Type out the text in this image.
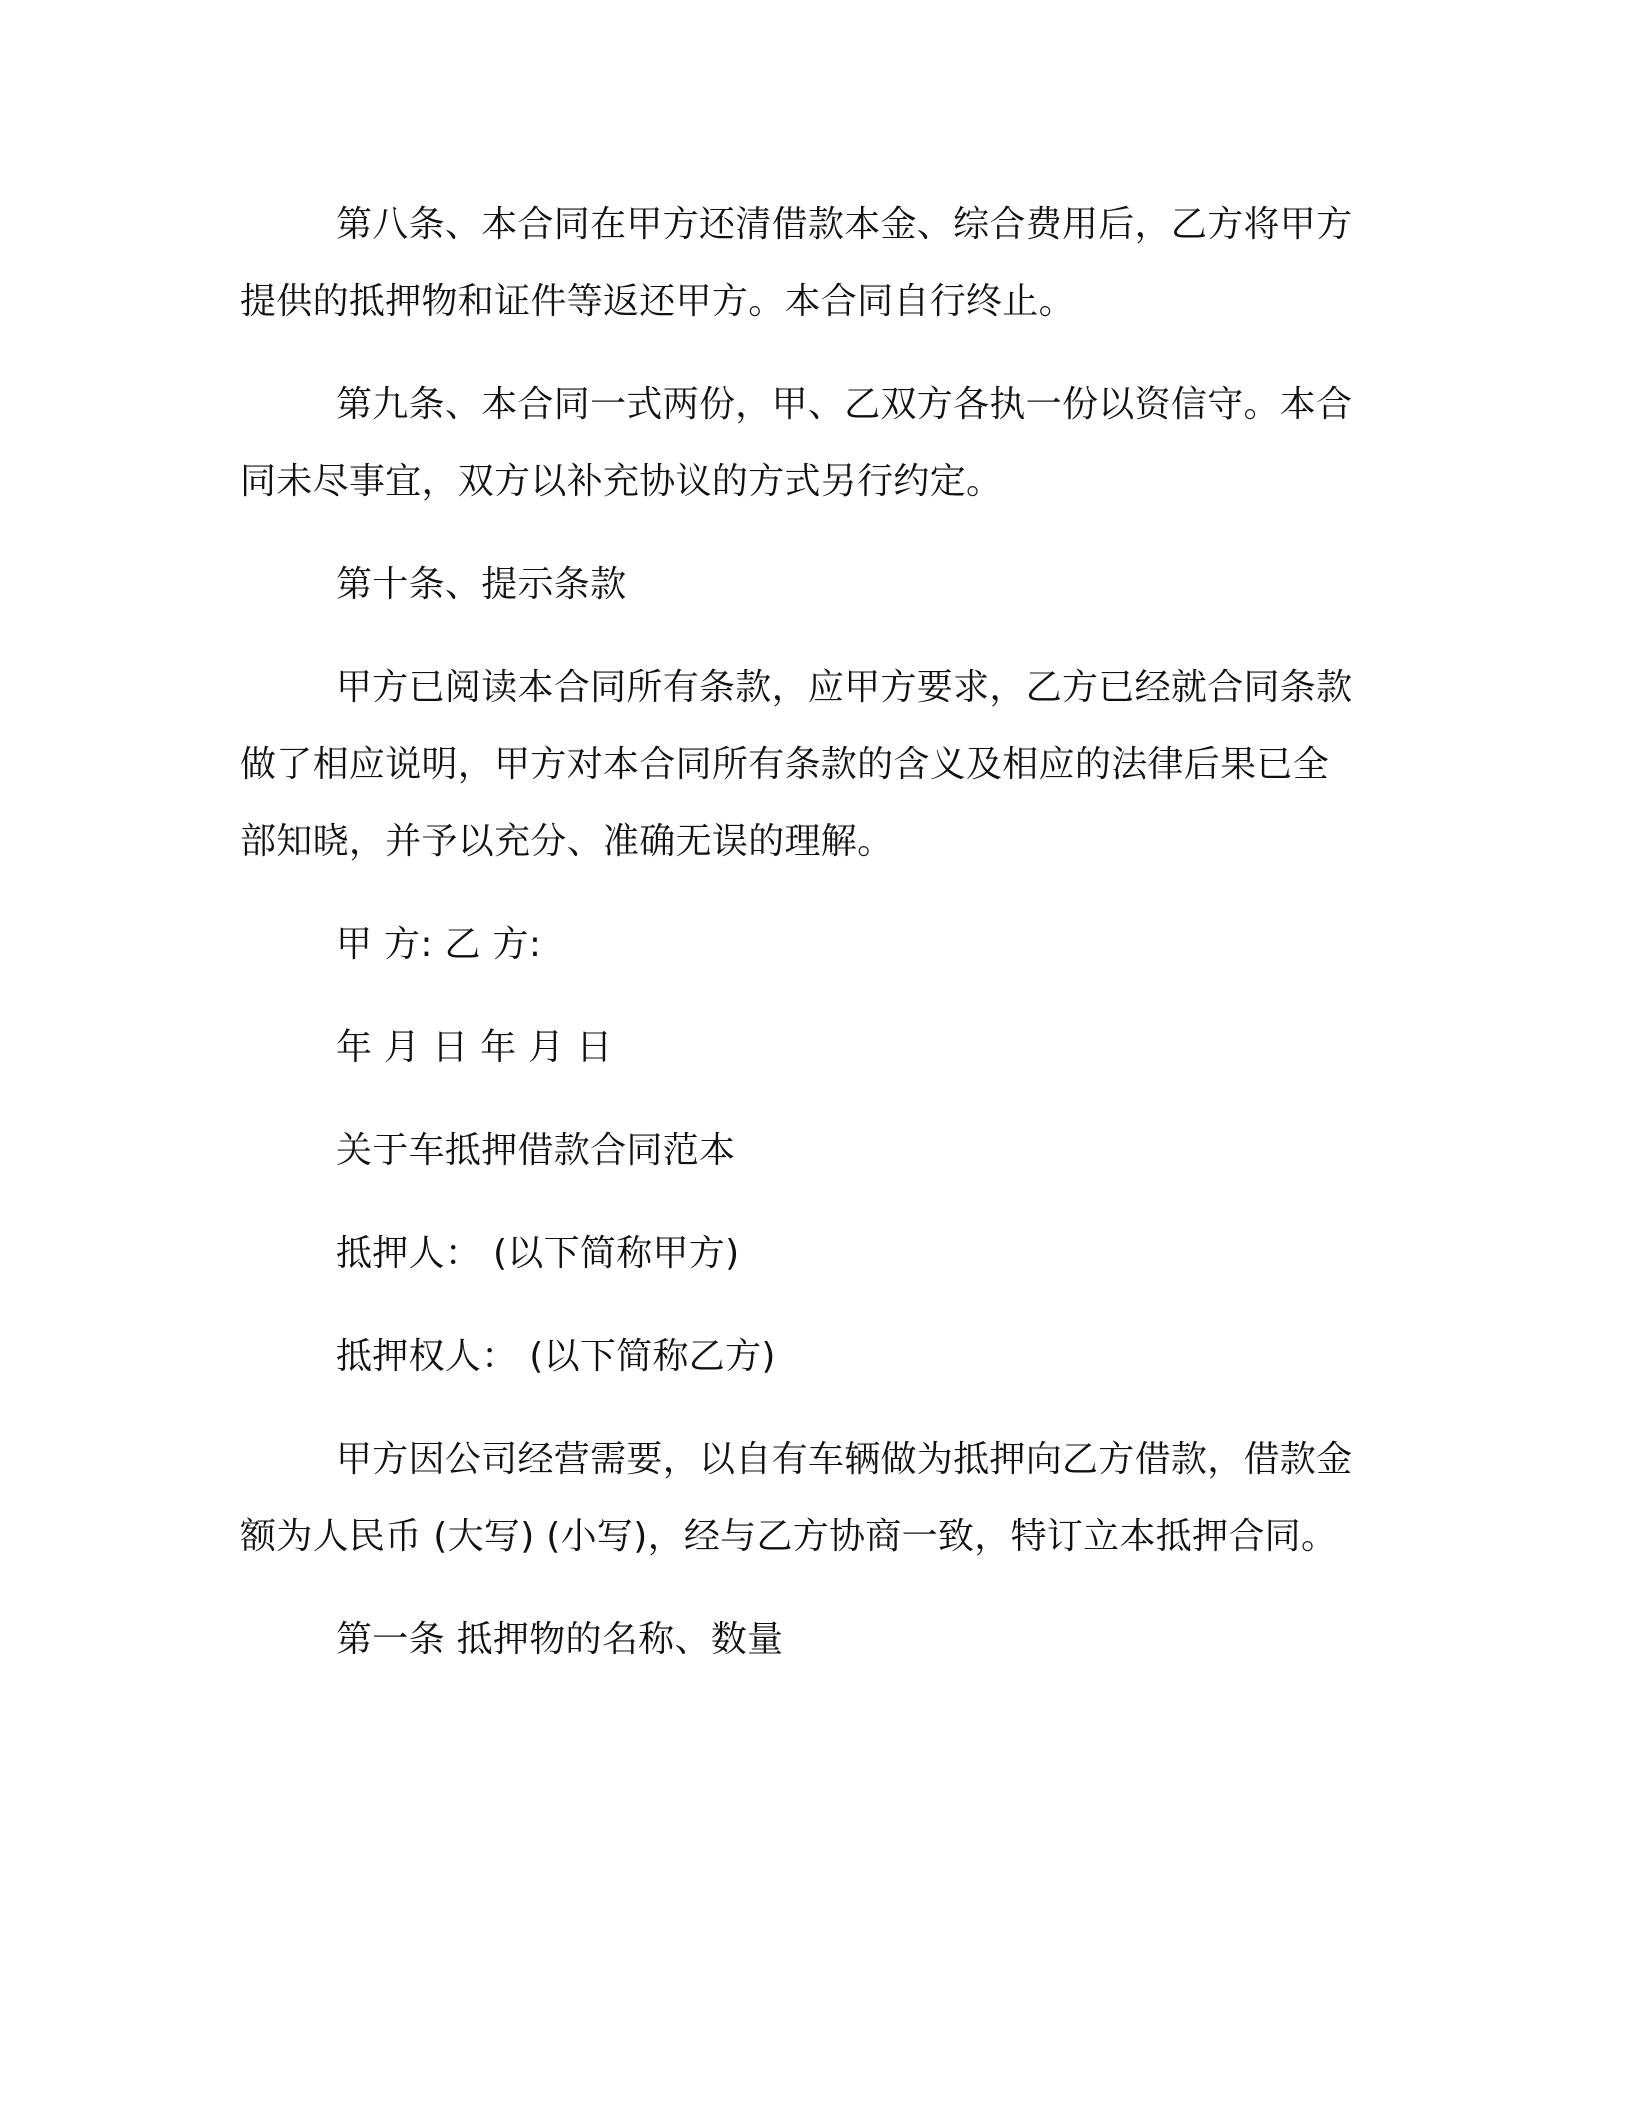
第八条、本合同在甲方还清借款本金、综合费用后，乙方将甲方
提供的抵押物和证件等返还甲方。本合同自行终止。

第九条、本合同一式两份，甲、乙双方各执一份以资信守。本合
同未尽事宜，双方以补充协议的方式另行约定。

第十条、提示条款

甲方已阅读本合同所有条款，应甲方要求，乙方已经就合同条款
做了相应说明，甲方对本合同所有条款的含义及相应的法律后果已全
部知晓，并予以充分、准确无误的理解。

甲 方: 乙 方:

年 月 日 年 月 日

关于车抵押借款合同范本

抵押人： (以下简称甲方)

抵押权人： (以下简称乙方)

甲方因公司经营需要，以自有车辆做为抵押向乙方借款，借款金
额为人民币 (大写) (小写)，经与乙方协商一致，特订立本抵押合同。

第一条 抵押物的名称、数量
